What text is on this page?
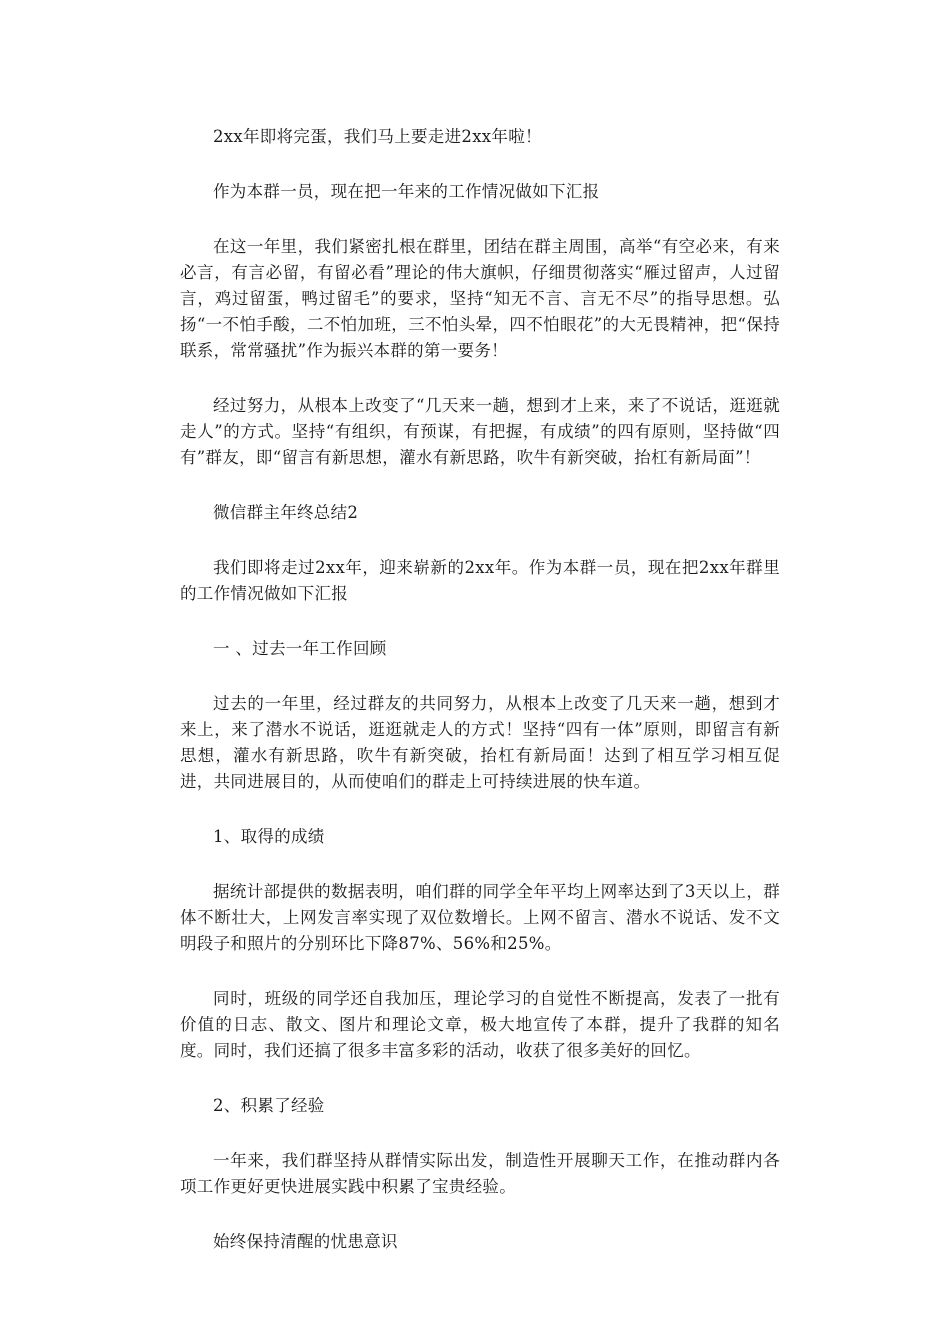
2xx年即将完蛋，我们马上要走进2xx年啦！

作为本群一员，现在把一年来的工作情况做如下汇报

在这一年里，我们紧密扎根在群里，团结在群主周围，高举“有空必来，有来必言，有言必留，有留必看”理论的伟大旗帜，仔细贯彻落实“雁过留声，人过留言，鸡过留蛋，鸭过留毛”的要求，坚持“知无不言、言无不尽”的指导思想。弘扬“一不怕手酸，二不怕加班，三不怕头晕，四不怕眼花”的大无畏精神，把“保持联系，常常骚扰”作为振兴本群的第一要务！

经过努力，从根本上改变了“几天来一趟，想到才上来，来了不说话，逛逛就走人”的方式。坚持“有组织，有预谋，有把握，有成绩”的四有原则，坚持做“四有”群友，即“留言有新思想，灌水有新思路，吹牛有新突破，抬杠有新局面”！

微信群主年终总结2

我们即将走过2xx年，迎来崭新的2xx年。作为本群一员，现在把2xx年群里的工作情况做如下汇报

一 、过去一年工作回顾

过去的一年里，经过群友的共同努力，从根本上改变了几天来一趟，想到才来上，来了潜水不说话，逛逛就走人的方式！坚持“四有一体”原则，即留言有新思想，灌水有新思路，吹牛有新突破，抬杠有新局面！达到了相互学习相互促进，共同进展目的，从而使咱们的群走上可持续进展的快车道。

1、取得的成绩

据统计部提供的数据表明，咱们群的同学全年平均上网率达到了3天以上，群体不断壮大，上网发言率实现了双位数增长。上网不留言、潜水不说话、发不文明段子和照片的分别环比下降87%、56%和25%。

同时，班级的同学还自我加压，理论学习的自觉性不断提高，发表了一批有价值的日志、散文、图片和理论文章，极大地宣传了本群，提升了我群的知名度。同时，我们还搞了很多丰富多彩的活动，收获了很多美好的回忆。

2、积累了经验

一年来，我们群坚持从群情实际出发，制造性开展聊天工作，在推动群内各项工作更好更快进展实践中积累了宝贵经验。

始终保持清醒的忧患意识
